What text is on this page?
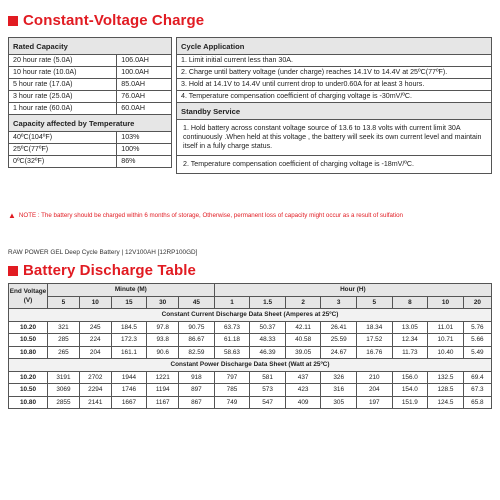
Constant-Voltage Charge
Rated Capacity	
20 hour rate (5.0A)	106.0AH
10 hour rate (10.0A)	100.0AH
5 hour rate (17.0A)	85.0AH
3 hour rate (25.0A)	76.0AH
1 hour rate (60.0A)	60.0AH
Capacity affected by Temperature	
40ºC(104ºF)	103%
25ºC(77ºF)	100%
0ºC(32ºF)	86%
Cycle Application
1. Limit initial current less than 30A.
2. Charge until battery voltage (under charge) reaches 14.1V to 14.4V at 25ºC(77ºF).
3. Hold at 14.1V to 14.4V until current drop to under0.60A for at least 3 hours.
4. Temperature compensation coefficient of charging voltage is -30mV/ºC.
Standby Service
1. Hold battery across constant voltage source of 13.6 to 13.8 volts with current limit 30A continuously .When held at this voltage , the battery will seek its own current level and maintain itself in a fully charge status.
2. Temperature compensation coefficient of charging voltage is -18mV/ºC.
▲ NOTE : The battery should be charged within 6 months of storage, Otherwise, permanent loss of capacity might occur as a result of sulfation
RAW POWER GEL Deep Cycle Battery | 12V100AH [12RP100GD]
Battery Discharge Table
End Voltage (V)	Minute (M)					Hour (H)							
	5	10	15	30	45	1	1.5	2	3	5	8	10	20
Constant Current Discharge Data Sheet (Amperes at 25ºC)													
10.20	321	245	184.5	97.8	90.75	63.73	50.37	42.11	26.41	18.34	13.05	11.01	5.76
10.50	285	224	172.3	93.8	86.67	61.18	48.33	40.58	25.59	17.52	12.34	10.71	5.66
10.80	265	204	161.1	90.6	82.59	58.63	46.39	39.05	24.67	16.76	11.73	10.40	5.49
Constant Power Discharge Data Sheet (Watt at 25ºC)													
10.20	3191	2702	1944	1221	918	797	581	437	326	210	156.0	132.5	69.4
10.50	3069	2294	1746	1194	897	785	573	423	316	204	154.0	128.5	67.3
10.80	2855	2141	1667	1167	867	749	547	409	305	197	151.9	124.5	65.8
